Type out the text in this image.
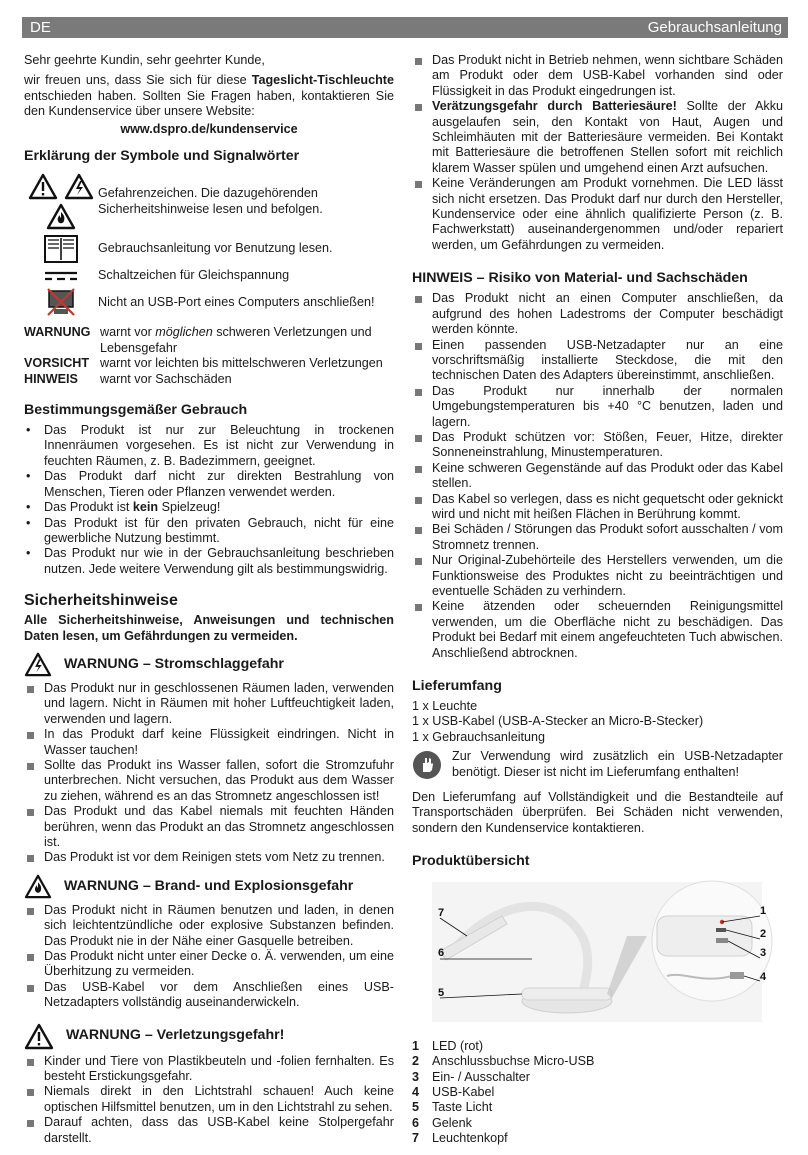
DE	Gebrauchsanleitung

Sehr geehrte Kundin, sehr geehrter Kunde,

wir freuen uns, dass Sie sich für diese Tageslicht-Tischleuchte entschieden haben. Sollten Sie Fragen haben, kontaktieren Sie den Kundenservice über unsere Website:

www.dspro.de/kundenservice

Erklärung der Symbole und Signalwörter
Gefahrenzeichen. Die dazugehörenden Sicherheitshinweise lesen und befolgen.
Gebrauchsanleitung vor Benutzung lesen.
Schaltzeichen für Gleichspannung
Nicht an USB-Port eines Computers anschließen!
WARNUNG warnt vor möglichen schweren Verletzungen und Lebensgefahr
VORSICHT warnt vor leichten bis mittelschweren Verletzungen
HINWEIS	warnt vor Sachschäden
Bestimmungsgemäßer Gebrauch
• Das Produkt ist nur zur Beleuchtung in trockenen Innenräumen vorgesehen. Es ist nicht zur Verwendung in feuchten Räumen, z. B. Badezimmern, geeignet.
• Das Produkt darf nicht zur direkten Bestrahlung von Menschen, Tieren oder Pflanzen verwendet werden.
• Das Produkt ist kein Spielzeug!
• Das Produkt ist für den privaten Gebrauch, nicht für eine gewerbliche Nutzung bestimmt.
• Das Produkt nur wie in der Gebrauchsanleitung beschrieben nutzen. Jede weitere Verwendung gilt als bestimmungswidrig.
Sicherheitshinweise

Alle Sicherheitshinweise, Anweisungen und technischen Daten lesen, um Gefährdungen zu vermeiden.

WARNUNG – Stromschlaggefahr
Das Produkt nur in geschlossenen Räumen laden, verwenden und lagern. Nicht in Räumen mit hoher Luftfeuchtigkeit laden, verwenden und lagern.
In das Produkt darf keine Flüssigkeit eindringen. Nicht in Wasser tauchen!
Sollte das Produkt ins Wasser fallen, sofort die Stromzufuhr unterbrechen. Nicht versuchen, das Produkt aus dem Wasser zu ziehen, während es an das Stromnetz angeschlossen ist!
Das Produkt und das Kabel niemals mit feuchten Händen berühren, wenn das Produkt an das Stromnetz angeschlossen ist.
Das Produkt ist vor dem Reinigen stets vom Netz zu trennen.
WARNUNG – Brand- und Explosionsgefahr
Das Produkt nicht in Räumen benutzen und laden, in denen sich leichtentzündliche oder explosive Substanzen befinden. Das Produkt nie in der Nähe einer Gasquelle betreiben.
Das Produkt nicht unter einer Decke o. Ä. verwenden, um eine Überhitzung zu vermeiden.
Das USB-Kabel vor dem Anschließen eines USB-Netzadapters vollständig auseinanderwickeln.
WARNUNG – Verletzungsgefahr!
Kinder und Tiere von Plastikbeuteln und -folien fernhalten. Es besteht Erstickungsgefahr.
Niemals direkt in den Lichtstrahl schauen! Auch keine optischen Hilfsmittel benutzen, um in den Lichtstrahl zu sehen.
Darauf achten, dass das USB-Kabel keine Stolpergefahr darstellt.
Das Produkt nicht in Betrieb nehmen, wenn sichtbare Schäden am Produkt oder dem USB-Kabel vorhanden sind oder Flüssigkeit in das Produkt eingedrungen ist.
Verätzungsgefahr durch Batteriesäure! Sollte der Akku ausgelaufen sein, den Kontakt von Haut, Augen und Schleimhäuten mit der Batteriesäure vermeiden. Bei Kontakt mit Batteriesäure die betroffenen Stellen sofort mit reichlich klarem Wasser spülen und umgehend einen Arzt aufsuchen.
Keine Veränderungen am Produkt vornehmen. Die LED lässt sich nicht ersetzen. Das Produkt darf nur durch den Hersteller, Kundenservice oder eine ähnlich qualifizierte Person (z. B. Fachwerkstatt) auseinandergenommen und/oder repariert werden, um Gefährdungen zu vermeiden.
HINWEIS – Risiko von Material- und Sachschäden
Das Produkt nicht an einen Computer anschließen, da aufgrund des hohen Ladestroms der Computer beschädigt werden könnte.
Einen passenden USB-Netzadapter nur an eine vorschriftsmäßig installierte Steckdose, die mit den technischen Daten des Adapters übereinstimmt, anschließen.
Das Produkt nur innerhalb der normalen Umgebungstemperaturen bis +40 °C benutzen, laden und lagern.
Das Produkt schützen vor: Stößen, Feuer, Hitze, direkter Sonneneinstrahlung, Minustemperaturen.
Keine schweren Gegenstände auf das Produkt oder das Kabel stellen.
Das Kabel so verlegen, dass es nicht gequetscht oder geknickt wird und nicht mit heißen Flächen in Berührung kommt.
Bei Schäden / Störungen das Produkt sofort ausschalten / vom Stromnetz trennen.
Nur Original-Zubehörteile des Herstellers verwenden, um die Funktionsweise des Produktes nicht zu beeinträchtigen und eventuelle Schäden zu verhindern.
Keine ätzenden oder scheuernden Reinigungsmittel verwenden, um die Oberfläche nicht zu beschädigen. Das Produkt bei Bedarf mit einem angefeuchteten Tuch abwischen. Anschließend abtrocknen.
Lieferumfang
1 x Leuchte
1 x USB-Kabel (USB-A-Stecker an Micro-B-Stecker)
1 x Gebrauchsanleitung

Zur Verwendung wird zusätzlich ein USB-Netzadapter benötigt. Dieser ist nicht im Lieferumfang enthalten!

Den Lieferumfang auf Vollständigkeit und die Bestandteile auf Transportschäden überprüfen. Bei Schäden nicht verwenden, sondern den Kundenservice kontaktieren.

Produktübersicht
7
6
5
1
2
3
4
1	LED (rot)
2	Anschlussbuchse Micro-USB
3	Ein- / Ausschalter
4	USB-Kabel
5	Taste Licht
6	Gelenk
7	Leuchtenkopf
